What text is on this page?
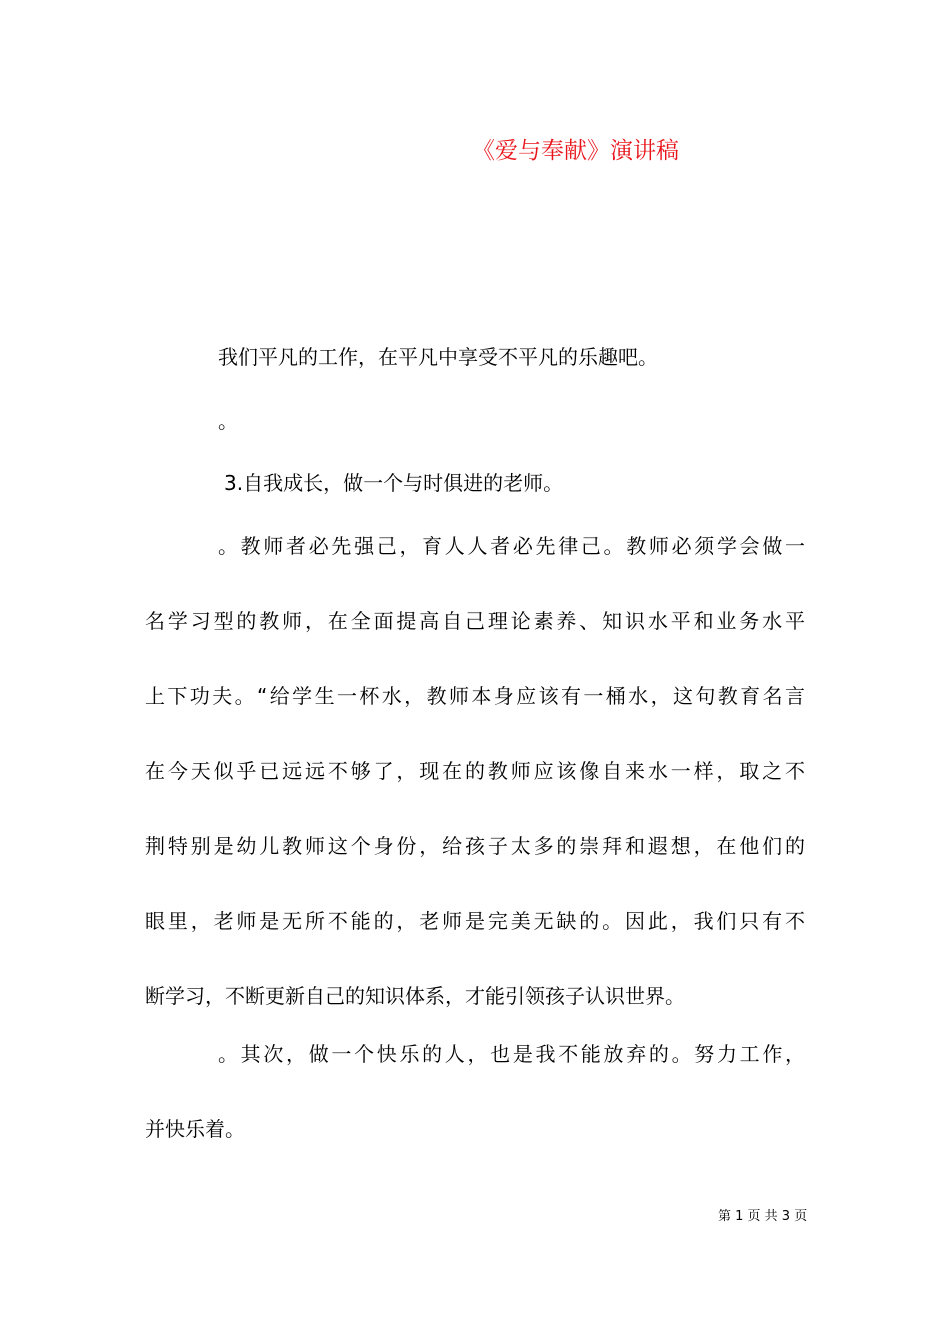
《爱与奉献》演讲稿
我们平凡的工作，在平凡中享受不平凡的乐趣吧。
。
3.自我成长，做一个与时俱进的老师。
。教师者必先强己，育人人者必先律己。教师必须学会做一
名学习型的教师，在全面提高自己理论素养、知识水平和业务水平
上下功夫。“给学生一杯水，教师本身应该有一桶水，这句教育名言
在今天似乎已远远不够了，现在的教师应该像自来水一样，取之不
荆特别是幼儿教师这个身份，给孩子太多的崇拜和遐想，在他们的
眼里，老师是无所不能的，老师是完美无缺的。因此，我们只有不
断学习，不断更新自己的知识体系，才能引领孩子认识世界。
。其次，做一个快乐的人，也是我不能放弃的。努力工作，
并快乐着。
第 1 页 共 3 页
